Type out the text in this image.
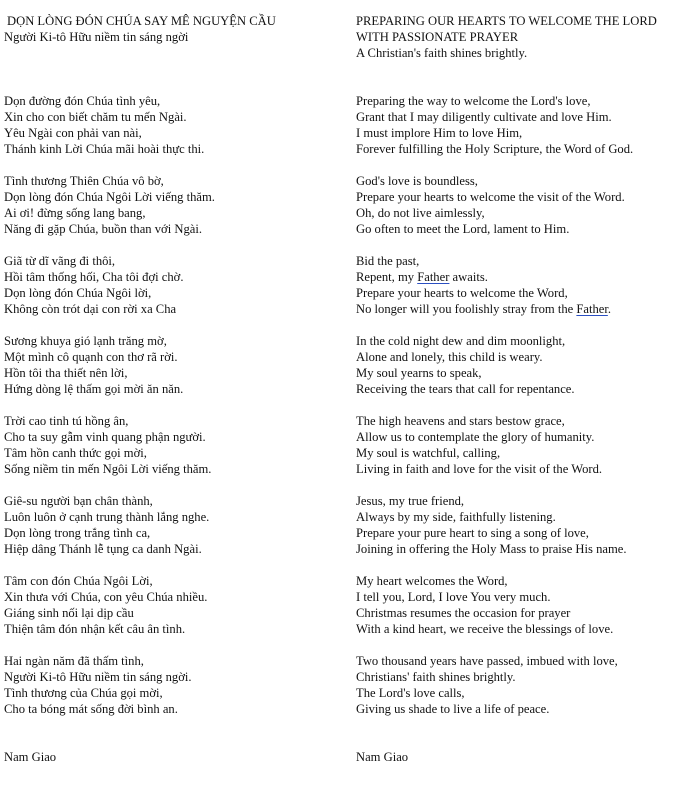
DỌN LÒNG ĐÓN CHÚA SAY MÊ NGUYỆN CẦU
Người Ki-tô Hữu niềm tin sáng ngời
Dọn đường đón Chúa tình yêu,
Xin cho con biết chăm tu mến Ngài.
Yêu Ngài con phải van nài,
Thánh kinh Lời Chúa mãi hoài thực thi.
Tình thương Thiên Chúa vô bờ,
Dọn lòng đón Chúa Ngôi Lời viếng thăm.
Ai ơi! đừng sống lang bang,
Năng đi gặp Chúa, buồn than với Ngài.
Giã từ dĩ vãng đi thôi,
Hồi tâm thống hối, Cha tôi đợi chờ.
Dọn lòng đón Chúa Ngôi lời,
Không còn trót dại con rời xa Cha
Sương khuya gió lạnh trăng mờ,
Một mình cô quạnh con thơ rã rời.
Hồn tôi tha thiết nên lời,
Hứng dòng lệ thấm gọi mời ăn năn.
Trời cao tinh tú hồng ân,
Cho ta suy gẫm vinh quang phận người.
Tâm hồn canh thức gọi mời,
Sống niềm tin mến Ngôi Lời viếng thăm.
Giê-su người bạn chân thành,
Luôn luôn ở cạnh trung thành lắng nghe.
Dọn lòng trong trắng tình ca,
Hiệp dâng Thánh lễ tụng ca danh Ngài.
Tâm con đón Chúa Ngôi Lời,
Xin thưa với Chúa, con yêu Chúa nhiều.
Giáng sinh nối lại dịp cầu
Thiện tâm đón nhận kết câu ân tình.
Hai ngàn năm đã thấm tình,
Người Ki-tô Hữu niềm tin sáng ngời.
Tình thương của Chúa gọi mời,
Cho ta bóng mát sống đời bình an.
Nam Giao
PREPARING OUR HEARTS TO WELCOME THE LORD WITH PASSIONATE PRAYER
A Christian's faith shines brightly.
Preparing the way to welcome the Lord's love,
Grant that I may diligently cultivate and love Him.
I must implore Him to love Him,
Forever fulfilling the Holy Scripture, the Word of God.
God's love is boundless,
Prepare your hearts to welcome the visit of the Word.
Oh, do not live aimlessly,
Go often to meet the Lord, lament to Him.
Bid the past,
Repent, my Father awaits.
Prepare your hearts to welcome the Word,
No longer will you foolishly stray from the Father.
In the cold night dew and dim moonlight,
Alone and lonely, this child is weary.
My soul yearns to speak,
Receiving the tears that call for repentance.
The high heavens and stars bestow grace,
Allow us to contemplate the glory of humanity.
My soul is watchful, calling,
Living in faith and love for the visit of the Word.
Jesus, my true friend,
Always by my side, faithfully listening.
Prepare your pure heart to sing a song of love,
Joining in offering the Holy Mass to praise His name.
My heart welcomes the Word,
I tell you, Lord, I love You very much.
Christmas resumes the occasion for prayer
With a kind heart, we receive the blessings of love.
Two thousand years have passed, imbued with love,
Christians' faith shines brightly.
The Lord's love calls,
Giving us shade to live a life of peace.
Nam Giao
